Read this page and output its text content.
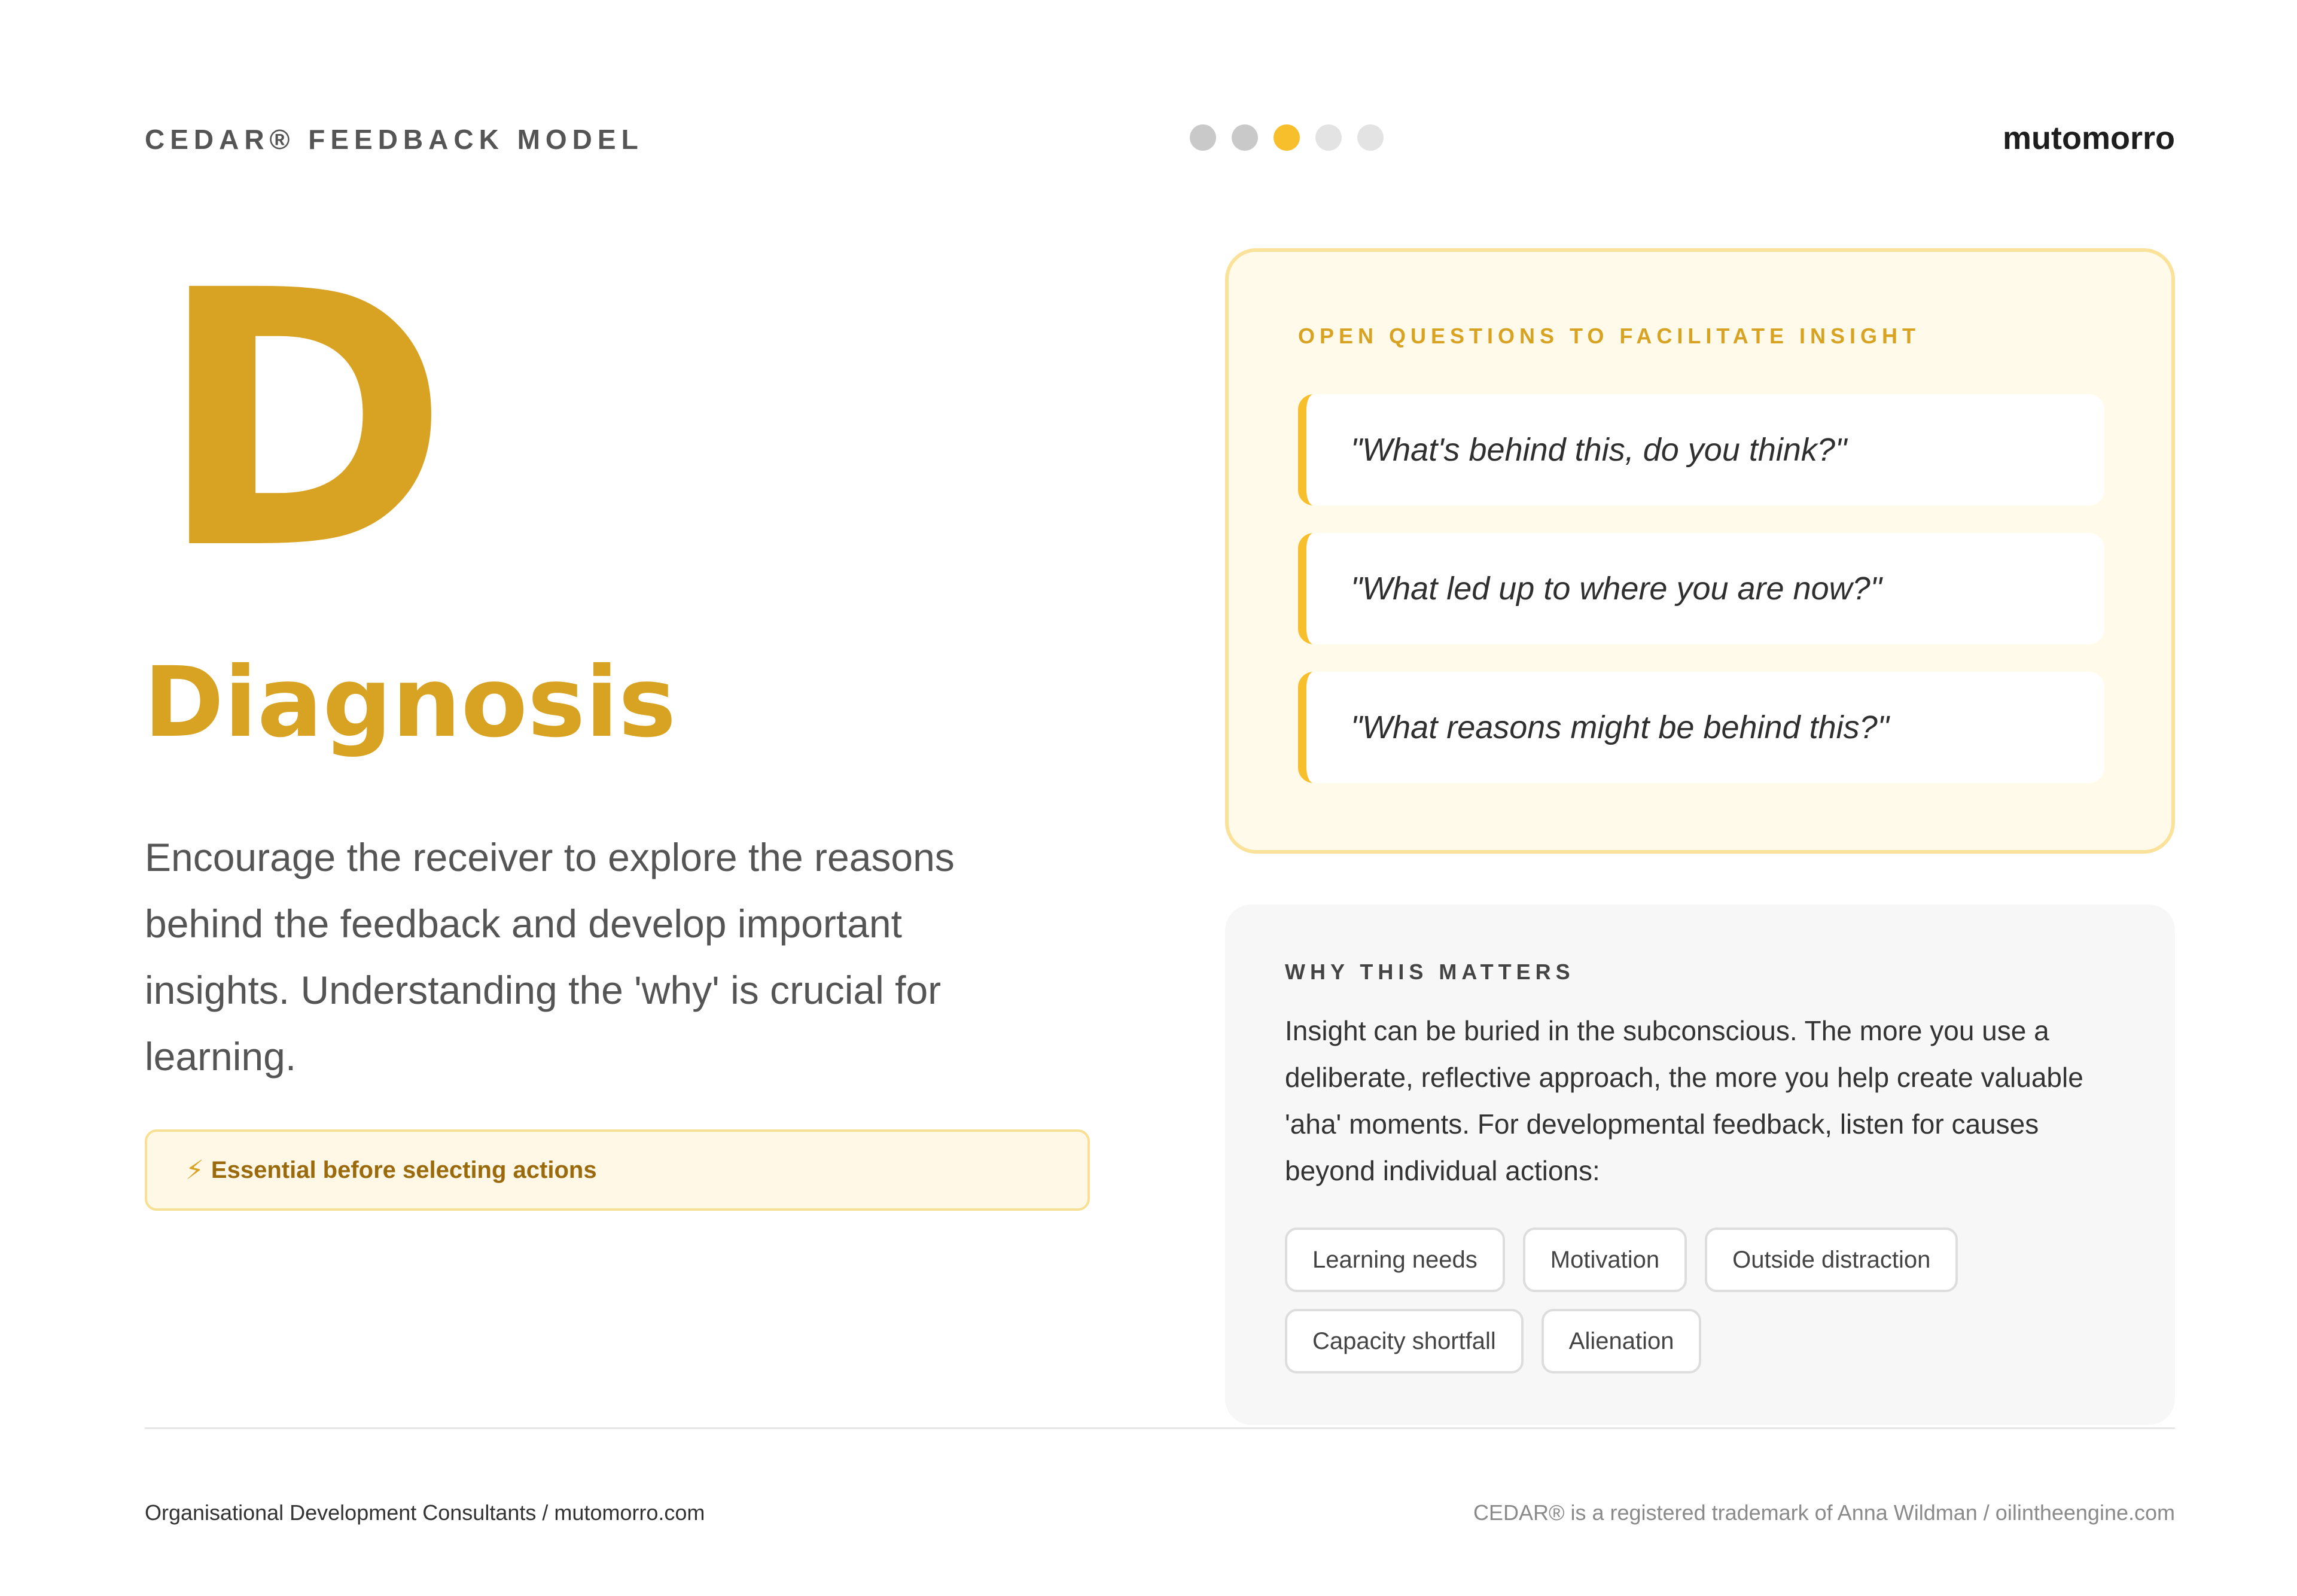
CEDAR® FEEDBACK MODEL	mutomorro
D
Diagnosis
Encourage the receiver to explore the reasons behind the feedback and develop important insights. Understanding the 'why' is crucial for learning.
⚡︎ Essential before selecting actions
OPEN QUESTIONS TO FACILITATE INSIGHT
"What's behind this, do you think?"
"What led up to where you are now?"
"What reasons might be behind this?"
WHY THIS MATTERS
Insight can be buried in the subconscious. The more you use a deliberate, reflective approach, the more you help create valuable 'aha' moments. For developmental feedback, listen for causes beyond individual actions:
Learning needs	Motivation	Outside distraction
Capacity shortfall	Alienation
Organisational Development Consultants / mutomorro.com	CEDAR® is a registered trademark of Anna Wildman / oilintheengine.com
